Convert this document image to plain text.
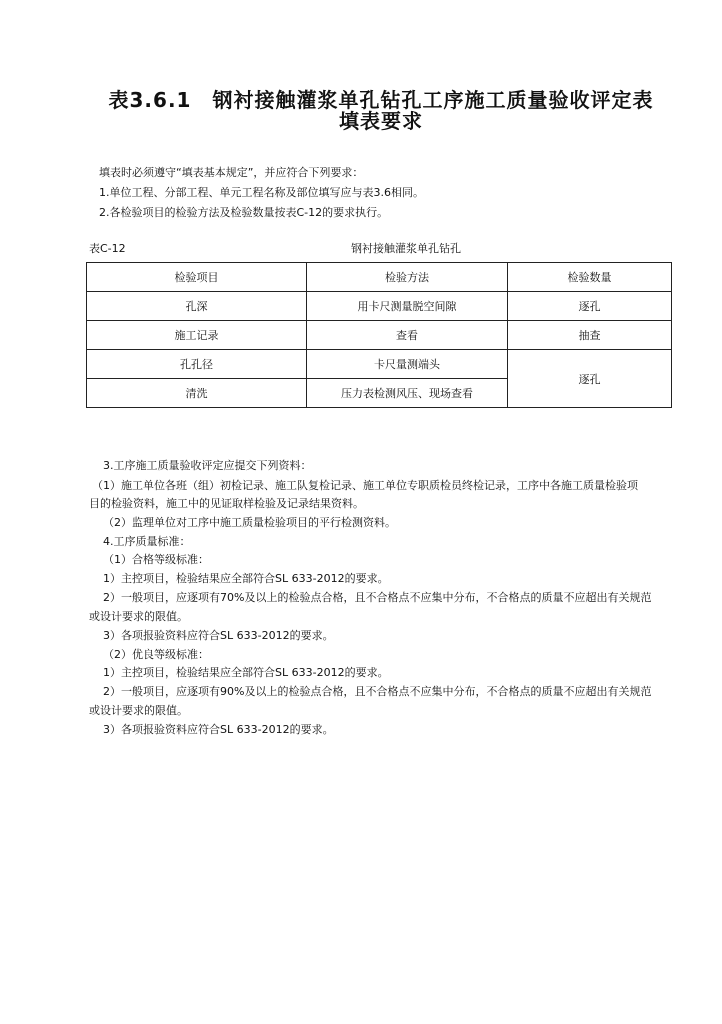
表3.6.1　钢衬接触灌浆单孔钻孔工序施工质量验收评定表
填表要求
填表时必须遵守“填表基本规定”，并应符合下列要求：
1.单位工程、分部工程、单元工程名称及部位填写应与表3.6相同。
2.各检验项目的检验方法及检验数量按表C-12的要求执行。
表C-12	钢衬接触灌浆单孔钻孔
检验项目	检验方法	检验数量
孔深	用卡尺测量脱空间隙	逐孔
施工记录	查看	抽查
孔孔径	卡尺量测端头	逐孔
清洗	压力表检测风压、现场查看	
3.工序施工质量验收评定应提交下列资料：
（1）施工单位各班（组）初检记录、施工队复检记录、施工单位专职质检员终检记录，工序中各施工质量检验项
目的检验资料，施工中的见证取样检验及记录结果资料。
（2）监理单位对工序中施工质量检验项目的平行检测资料。
4.工序质量标准：
（1）合格等级标准：
1）主控项目，检验结果应全部符合SL 633-2012的要求。
2）一般项目，应逐项有70%及以上的检验点合格，且不合格点不应集中分布，不合格点的质量不应超出有关规范
或设计要求的限值。
3）各项报验资料应符合SL 633-2012的要求。
（2）优良等级标准：
1）主控项目，检验结果应全部符合SL 633-2012的要求。
2）一般项目，应逐项有90%及以上的检验点合格，且不合格点不应集中分布，不合格点的质量不应超出有关规范
或设计要求的限值。
3）各项报验资料应符合SL 633-2012的要求。
